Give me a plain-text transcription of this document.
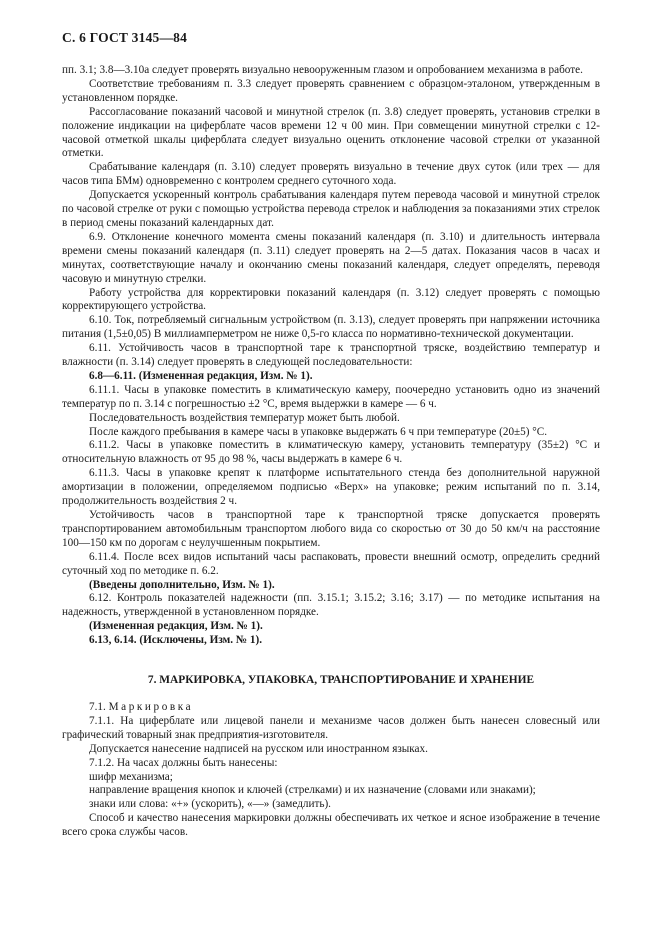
С. 6 ГОСТ 3145—84

пп. 3.1; 3.8—3.10а следует проверять визуально невооруженным глазом и опробованием механизма в работе.

Соответствие требованиям п. 3.3 следует проверять сравнением с образцом-эталоном, утвержденным в установленном порядке.

Рассогласование показаний часовой и минутной стрелок (п. 3.8) следует проверять, установив стрелки в положение индикации на циферблате часов времени 12 ч 00 мин. При совмещении минутной стрелки с 12-часовой отметкой шкалы циферблата следует визуально оценить отклонение часовой стрелки от указанной отметки.

Срабатывание календаря (п. 3.10) следует проверять визуально в течение двух суток (или трех — для часов типа БМм) одновременно с контролем среднего суточного хода.

Допускается ускоренный контроль срабатывания календаря путем перевода часовой и минутной стрелок по часовой стрелке от руки с помощью устройства перевода стрелок и наблюдения за показаниями этих стрелок в период смены показаний календарных дат.

6.9. Отклонение конечного момента смены показаний календаря (п. 3.10) и длительность интервала времени смены показаний календаря (п. 3.11) следует проверять на 2—5 датах. Показания часов в часах и минутах, соответствующие началу и окончанию смены показаний календаря, следует определять, переводя часовую и минутную стрелки.

Работу устройства для корректировки показаний календаря (п. 3.12) следует проверять с помощью корректирующего устройства.

6.10. Ток, потребляемый сигнальным устройством (п. 3.13), следует проверять при напряжении источника питания (1,5±0,05) В миллиамперметром не ниже 0,5-го класса по нормативно-технической документации.

6.11. Устойчивость часов в транспортной таре к транспортной тряске, воздействию температур и влажности (п. 3.14) следует проверять в следующей последовательности:

6.8—6.11. (Измененная редакция, Изм. № 1).

6.11.1. Часы в упаковке поместить в климатическую камеру, поочередно установить одно из значений температур по п. 3.14 с погрешностью ±2 °С, время выдержки в камере — 6 ч.

Последовательность воздействия температур может быть любой.

После каждого пребывания в камере часы в упаковке выдержать 6 ч при температуре (20±5) °С.

6.11.2. Часы в упаковке поместить в климатическую камеру, установить температуру (35±2) °С и относительную влажность от 95 до 98 %, часы выдержать в камере 6 ч.

6.11.3. Часы в упаковке крепят к платформе испытательного стенда без дополнительной наружной амортизации в положении, определяемом подписью «Верх» на упаковке; режим испытаний по п. 3.14, продолжительность воздействия 2 ч.

Устойчивость часов в транспортной таре к транспортной тряске допускается проверять транспортированием автомобильным транспортом любого вида со скоростью от 30 до 50 км/ч на расстояние 100—150 км по дорогам с неулучшенным покрытием.

6.11.4. После всех видов испытаний часы распаковать, провести внешний осмотр, определить средний суточный ход по методике п. 6.2.

(Введены дополнительно, Изм. № 1).

6.12. Контроль показателей надежности (пп. 3.15.1; 3.15.2; 3.16; 3.17) — по методике испытания на надежность, утвержденной в установленном порядке.

(Измененная редакция, Изм. № 1).

6.13, 6.14. (Исключены, Изм. № 1).

7. МАРКИРОВКА, УПАКОВКА, ТРАНСПОРТИРОВАНИЕ И ХРАНЕНИЕ

7.1. Маркировка

7.1.1. На циферблате или лицевой панели и механизме часов должен быть нанесен словесный или графический товарный знак предприятия-изготовителя.

Допускается нанесение надписей на русском или иностранном языках.

7.1.2. На часах должны быть нанесены:

шифр механизма;

направление вращения кнопок и ключей (стрелками) и их назначение (словами или знаками);

знаки или слова: «+» (ускорить), «—» (замедлить).

Способ и качество нанесения маркировки должны обеспечивать их четкое и ясное изображение в течение всего срока службы часов.
